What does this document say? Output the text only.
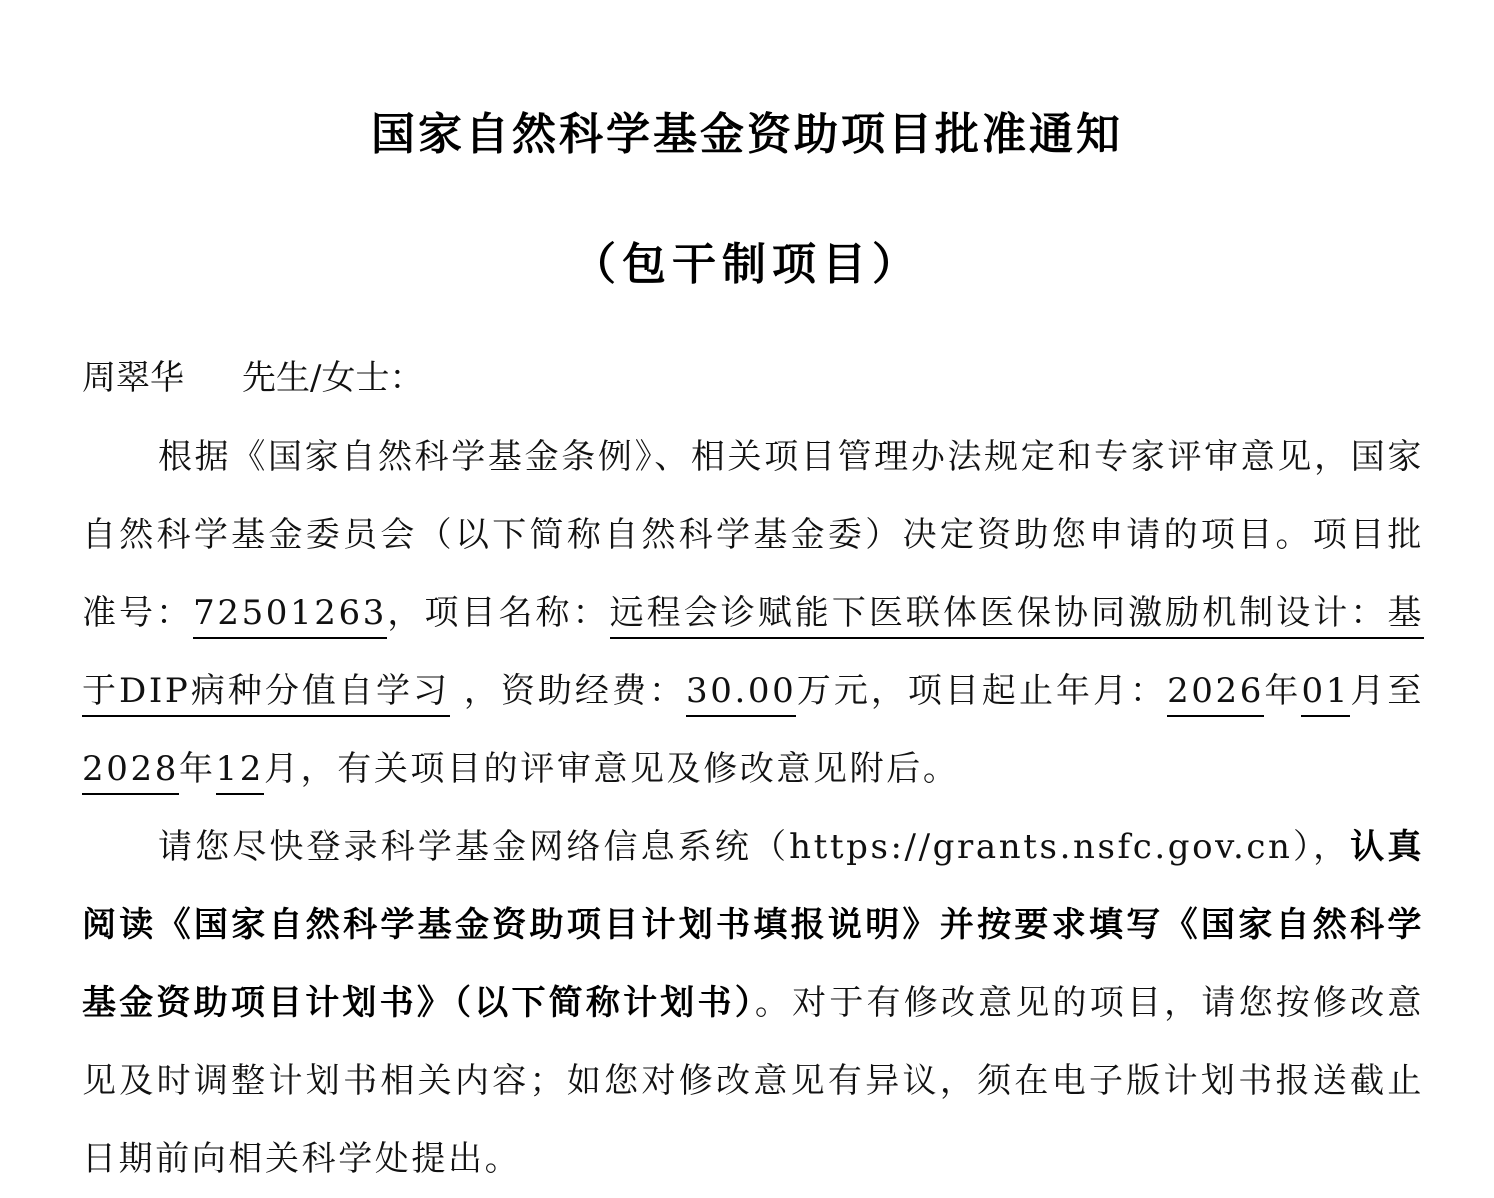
国家自然科学基金资助项目批准通知
（包干制项目）
周翠华 先生/女士：
根据《国家自然科学基金条例》、相关项目管理办法规定和专家评审意见，国家自然科学基金委员会（以下简称自然科学基金委）决定资助您申请的项目。项目批准号：72501263，项目名称：远程会诊赋能下医联体医保协同激励机制设计：基于DIP病种分值自学习 ，资助经费：30.00万元，项目起止年月：2026年01月至 2028年12月，有关项目的评审意见及修改意见附后。
请您尽快登录科学基金网络信息系统（https://grants.nsfc.gov.cn），认真阅读《国家自然科学基金资助项目计划书填报说明》并按要求填写《国家自然科学基金资助项目计划书》（以下简称计划书）。对于有修改意见的项目，请您按修改意见及时调整计划书相关内容；如您对修改意见有异议，须在电子版计划书报送截止日期前向相关科学处提出。
